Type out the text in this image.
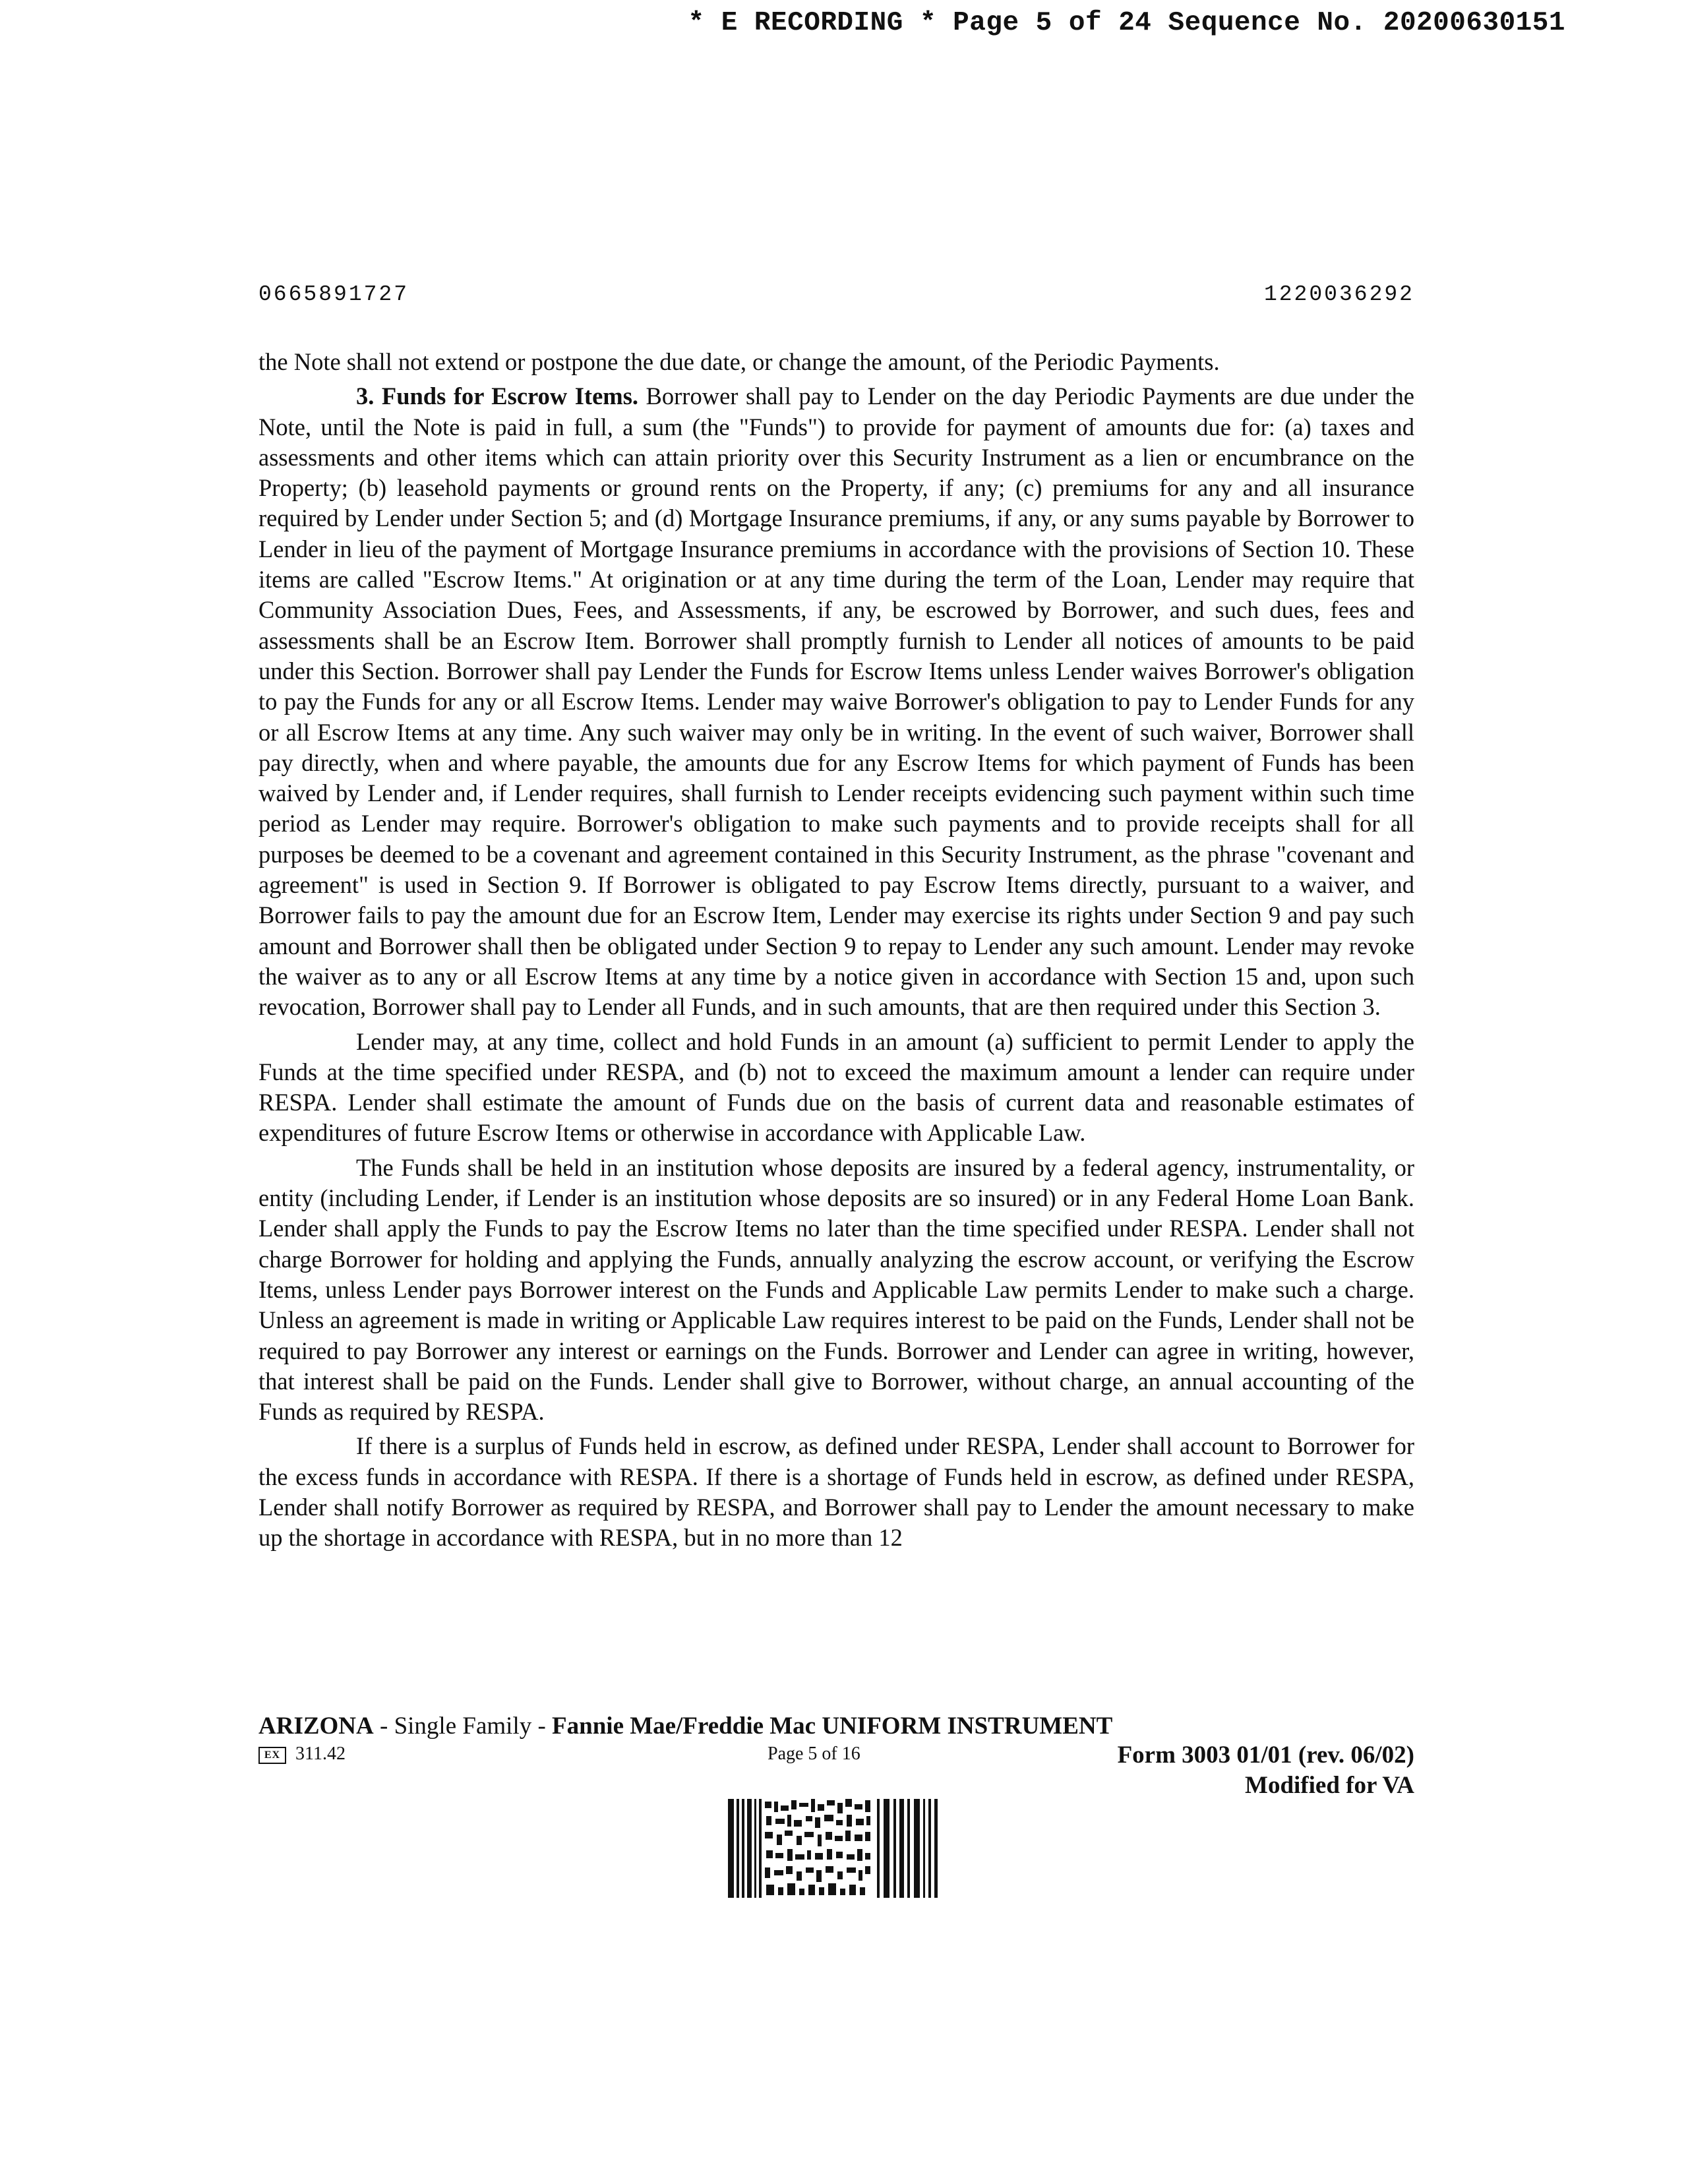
* E RECORDING * Page 5 of 24 Sequence No. 20200630151
0665891727	1220036292

the Note shall not extend or postpone the due date, or change the amount, of the Periodic Payments.

3. Funds for Escrow Items. Borrower shall pay to Lender on the day Periodic Payments are due under the Note, until the Note is paid in full, a sum (the "Funds") to provide for payment of amounts due for: (a) taxes and assessments and other items which can attain priority over this Security Instrument as a lien or encumbrance on the Property; (b) leasehold payments or ground rents on the Property, if any; (c) premiums for any and all insurance required by Lender under Section 5; and (d) Mortgage Insurance premiums, if any, or any sums payable by Borrower to Lender in lieu of the payment of Mortgage Insurance premiums in accordance with the provisions of Section 10. These items are called "Escrow Items." At origination or at any time during the term of the Loan, Lender may require that Community Association Dues, Fees, and Assessments, if any, be escrowed by Borrower, and such dues, fees and assessments shall be an Escrow Item. Borrower shall promptly furnish to Lender all notices of amounts to be paid under this Section. Borrower shall pay Lender the Funds for Escrow Items unless Lender waives Borrower's obligation to pay the Funds for any or all Escrow Items. Lender may waive Borrower's obligation to pay to Lender Funds for any or all Escrow Items at any time. Any such waiver may only be in writing. In the event of such waiver, Borrower shall pay directly, when and where payable, the amounts due for any Escrow Items for which payment of Funds has been waived by Lender and, if Lender requires, shall furnish to Lender receipts evidencing such payment within such time period as Lender may require. Borrower's obligation to make such payments and to provide receipts shall for all purposes be deemed to be a covenant and agreement contained in this Security Instrument, as the phrase "covenant and agreement" is used in Section 9. If Borrower is obligated to pay Escrow Items directly, pursuant to a waiver, and Borrower fails to pay the amount due for an Escrow Item, Lender may exercise its rights under Section 9 and pay such amount and Borrower shall then be obligated under Section 9 to repay to Lender any such amount. Lender may revoke the waiver as to any or all Escrow Items at any time by a notice given in accordance with Section 15 and, upon such revocation, Borrower shall pay to Lender all Funds, and in such amounts, that are then required under this Section 3.

Lender may, at any time, collect and hold Funds in an amount (a) sufficient to permit Lender to apply the Funds at the time specified under RESPA, and (b) not to exceed the maximum amount a lender can require under RESPA. Lender shall estimate the amount of Funds due on the basis of current data and reasonable estimates of expenditures of future Escrow Items or otherwise in accordance with Applicable Law.

The Funds shall be held in an institution whose deposits are insured by a federal agency, instrumentality, or entity (including Lender, if Lender is an institution whose deposits are so insured) or in any Federal Home Loan Bank. Lender shall apply the Funds to pay the Escrow Items no later than the time specified under RESPA. Lender shall not charge Borrower for holding and applying the Funds, annually analyzing the escrow account, or verifying the Escrow Items, unless Lender pays Borrower interest on the Funds and Applicable Law permits Lender to make such a charge. Unless an agreement is made in writing or Applicable Law requires interest to be paid on the Funds, Lender shall not be required to pay Borrower any interest or earnings on the Funds. Borrower and Lender can agree in writing, however, that interest shall be paid on the Funds. Lender shall give to Borrower, without charge, an annual accounting of the Funds as required by RESPA.

If there is a surplus of Funds held in escrow, as defined under RESPA, Lender shall account to Borrower for the excess funds in accordance with RESPA. If there is a shortage of Funds held in escrow, as defined under RESPA, Lender shall notify Borrower as required by RESPA, and Borrower shall pay to Lender the amount necessary to make up the shortage in accordance with RESPA, but in no more than 12

ARIZONA - Single Family - Fannie Mae/Freddie Mac UNIFORM INSTRUMENT
EX 311.42	Page 5 of 16	Form 3003 01/01 (rev. 06/02)
Modified for VA
